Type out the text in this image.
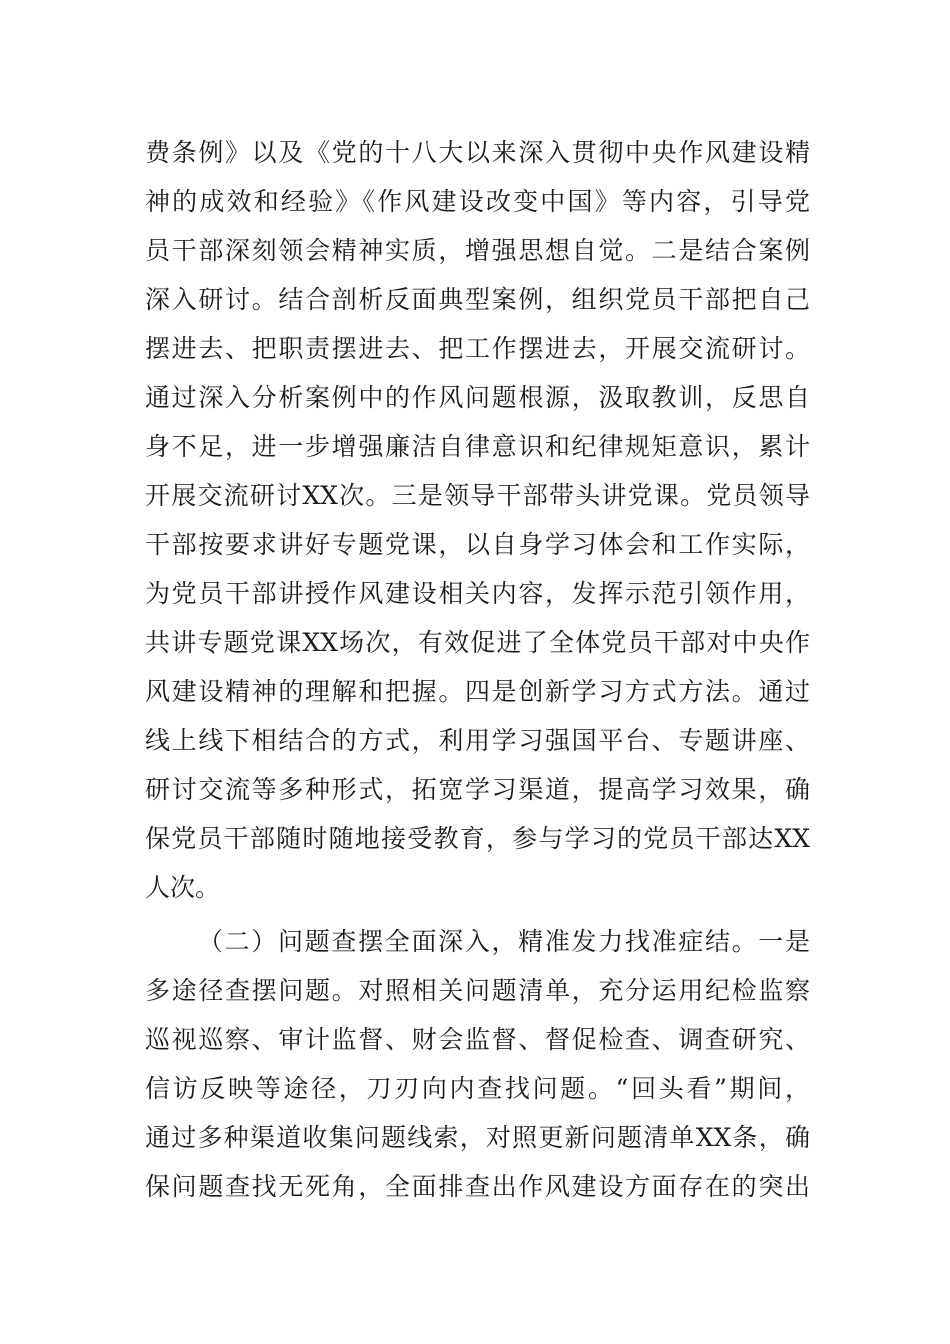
费条例》以及《党的十八大以来深入贯彻中央作风建设精
神的成效和经验》《作风建设改变中国》等内容，引导党
员干部深刻领会精神实质，增强思想自觉。二是结合案例
深入研讨。结合剖析反面典型案例，组织党员干部把自己
摆进去、把职责摆进去、把工作摆进去，开展交流研讨。
通过深入分析案例中的作风问题根源，汲取教训，反思自
身不足，进一步增强廉洁自律意识和纪律规矩意识，累计
开展交流研讨XX次。三是领导干部带头讲党课。党员领导
干部按要求讲好专题党课，以自身学习体会和工作实际，
为党员干部讲授作风建设相关内容，发挥示范引领作用，
共讲专题党课XX场次，有效促进了全体党员干部对中央作
风建设精神的理解和把握。四是创新学习方式方法。通过
线上线下相结合的方式，利用学习强国平台、专题讲座、
研讨交流等多种形式，拓宽学习渠道，提高学习效果，确
保党员干部随时随地接受教育，参与学习的党员干部达XX
人次。
（二）问题查摆全面深入，精准发力找准症结。一是
多途径查摆问题。对照相关问题清单，充分运用纪检监察
巡视巡察、审计监督、财会监督、督促检查、调查研究、
信访反映等途径，刀刃向内查找问题。“回头看”期间，
通过多种渠道收集问题线索，对照更新问题清单XX条，确
保问题查找无死角，全面排查出作风建设方面存在的突出
